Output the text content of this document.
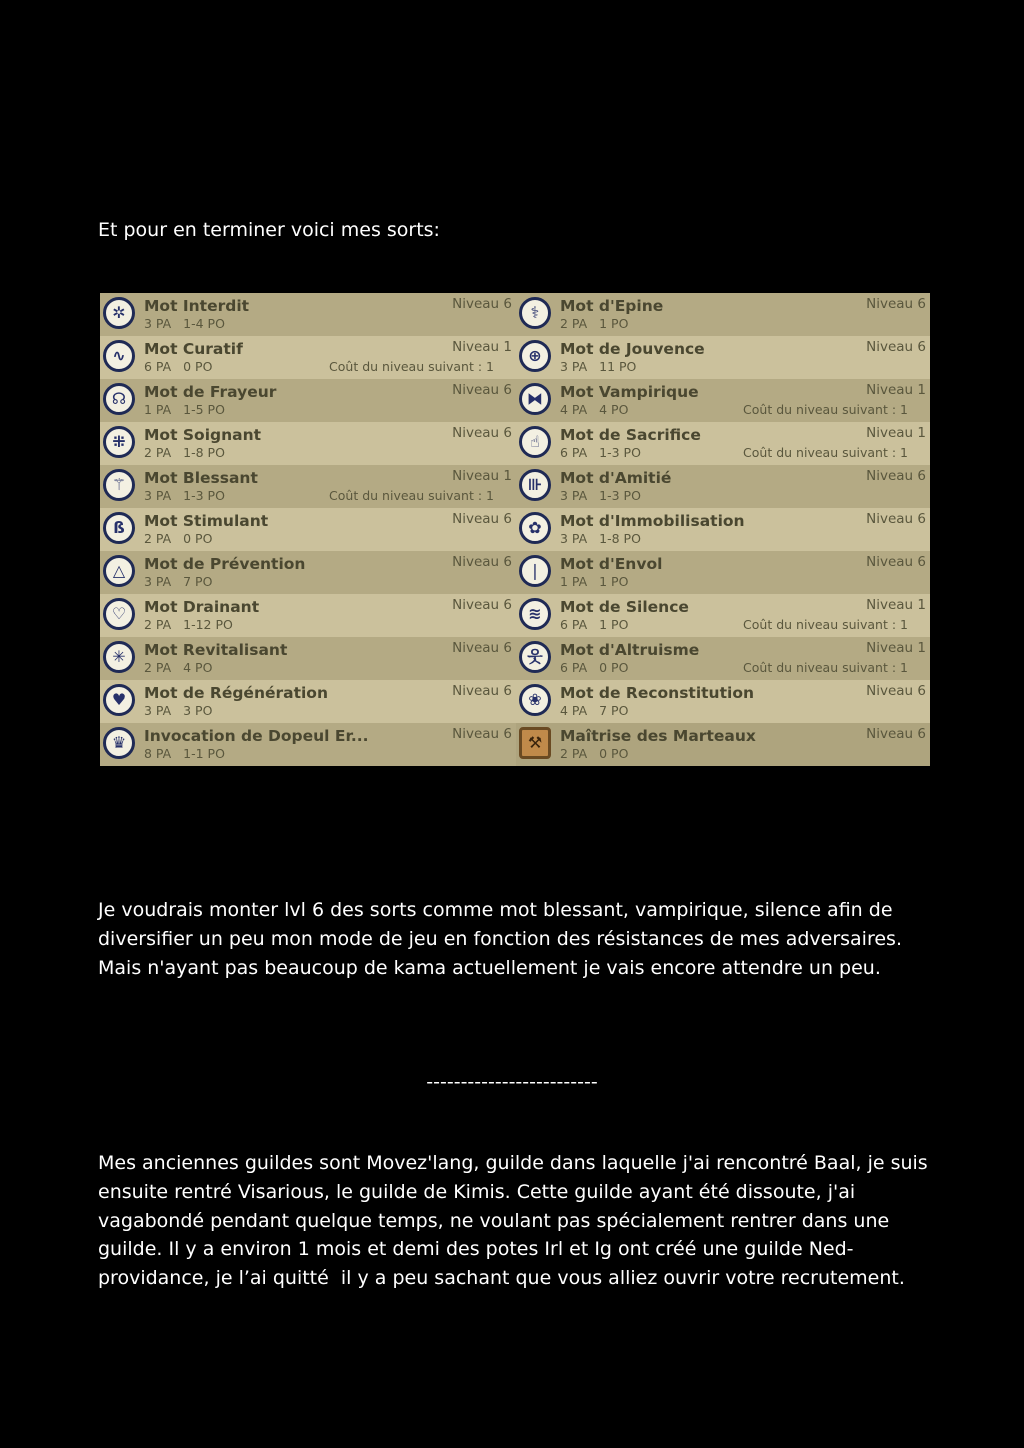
Et pour en terminer voici mes sorts:
✲	Mot Interdit
3 PA   1-4 PO
Niveau 6	⚕	Mot d'Epine
2 PA   1 PO
Niveau 6
∿	Mot Curatif
6 PA   0 PO
Niveau 1
Coût du niveau suivant : 1
⊕	Mot de Jouvence
3 PA   11 PO
Niveau 6
☊	Mot de Frayeur
1 PA   1-5 PO
Niveau 6 ⧓	Mot Vampirique
4 PA   4 PO
Niveau 1
Coût du niveau suivant : 1
⁜	Mot Soignant
2 PA   1-8 PO
Niveau 6	☝	Mot de Sacrifice
6 PA   1-3 PO
Niveau 1
Coût du niveau suivant : 1
⚚	Mot Blessant
3 PA   1-3 PO
Niveau 1
Coût du niveau suivant : 1
⊪	Mot d'Amitié
3 PA   1-3 PO
Niveau 6
ß	Mot Stimulant
2 PA   0 PO
Niveau 6	✿	Mot d'Immobilisation
3 PA   1-8 PO
Niveau 6
△	Mot de Prévention
3 PA   7 PO
Niveau 6	❘	Mot d'Envol
1 PA   1 PO
Niveau 6
♡	Mot Drainant
2 PA   1-12 PO
Niveau 6	≋	Mot de Silence
6 PA   1 PO
Niveau 1
Coût du niveau suivant : 1
✳	Mot Revitalisant
2 PA   4 PO
Niveau 6 웃	Mot d'Altruisme
6 PA   0 PO
Niveau 1
Coût du niveau suivant : 1
♥	Mot de Régénération
3 PA   3 PO
Niveau 6	❀	Mot de Reconstitution
4 PA   7 PO
Niveau 6
♛	Invocation de Dopeul Er...
8 PA   1-1 PO
Niveau 6 ⚒	Maîtrise des Marteaux
2 PA   0 PO
Niveau 6
Je voudrais monter lvl 6 des sorts comme mot blessant, vampirique, silence afin de diversifier un peu mon mode de jeu en fonction des résistances de mes adversaires. Mais n'ayant pas beaucoup de kama actuellement je vais encore attendre un peu.
-------------------------
Mes anciennes guildes sont Movez'lang, guilde dans laquelle j'ai rencontré Baal, je suis ensuite rentré Visarious, le guilde de Kimis. Cette guilde ayant été dissoute, j'ai vagabondé pendant quelque temps, ne voulant pas spécialement rentrer dans une guilde. Il y a environ 1 mois et demi des potes Irl et Ig ont créé une guilde Ned-providance, je l’ai quitté  il y a peu sachant que vous alliez ouvrir votre recrutement.
